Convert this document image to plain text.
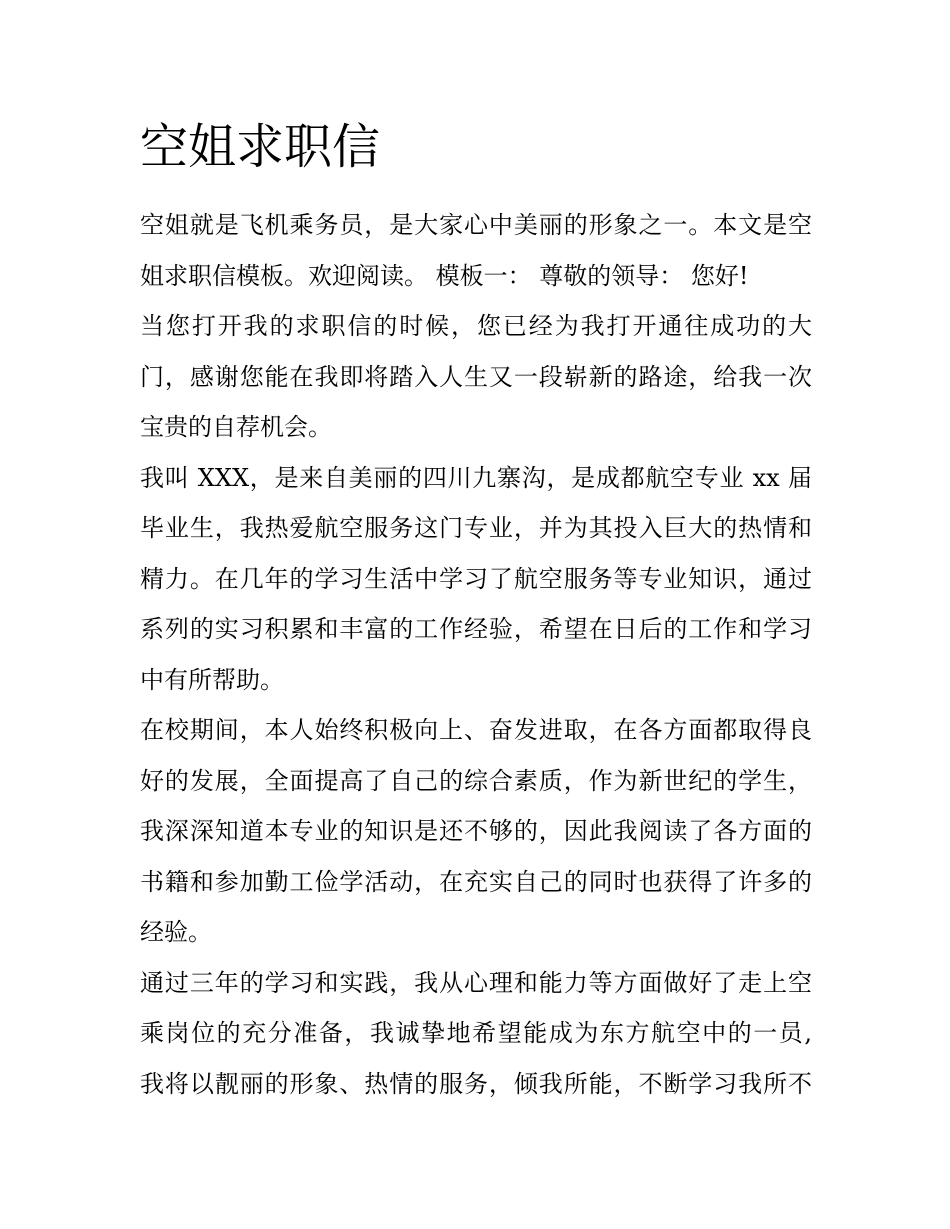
空姐求职信
空姐就是飞机乘务员，是大家心中美丽的形象之一。本文是空
姐求职信模板。欢迎阅读。 模板一： 尊敬的领导： 您好!
当您打开我的求职信的时候，您已经为我打开通往成功的大
门，感谢您能在我即将踏入人生又一段崭新的路途，给我一次
宝贵的自荐机会。
我叫 XXX，是来自美丽的四川九寨沟，是成都航空专业 xx 届
毕业生，我热爱航空服务这门专业，并为其投入巨大的热情和
精力。在几年的学习生活中学习了航空服务等专业知识，通过
系列的实习积累和丰富的工作经验，希望在日后的工作和学习
中有所帮助。
在校期间，本人始终积极向上、奋发进取，在各方面都取得良
好的发展，全面提高了自己的综合素质，作为新世纪的学生，
我深深知道本专业的知识是还不够的，因此我阅读了各方面的
书籍和参加勤工俭学活动，在充实自己的同时也获得了许多的
经验。
通过三年的学习和实践，我从心理和能力等方面做好了走上空
乘岗位的充分准备，我诚挚地希望能成为东方航空中的一员,
我将以靓丽的形象、热情的服务，倾我所能，不断学习我所不
